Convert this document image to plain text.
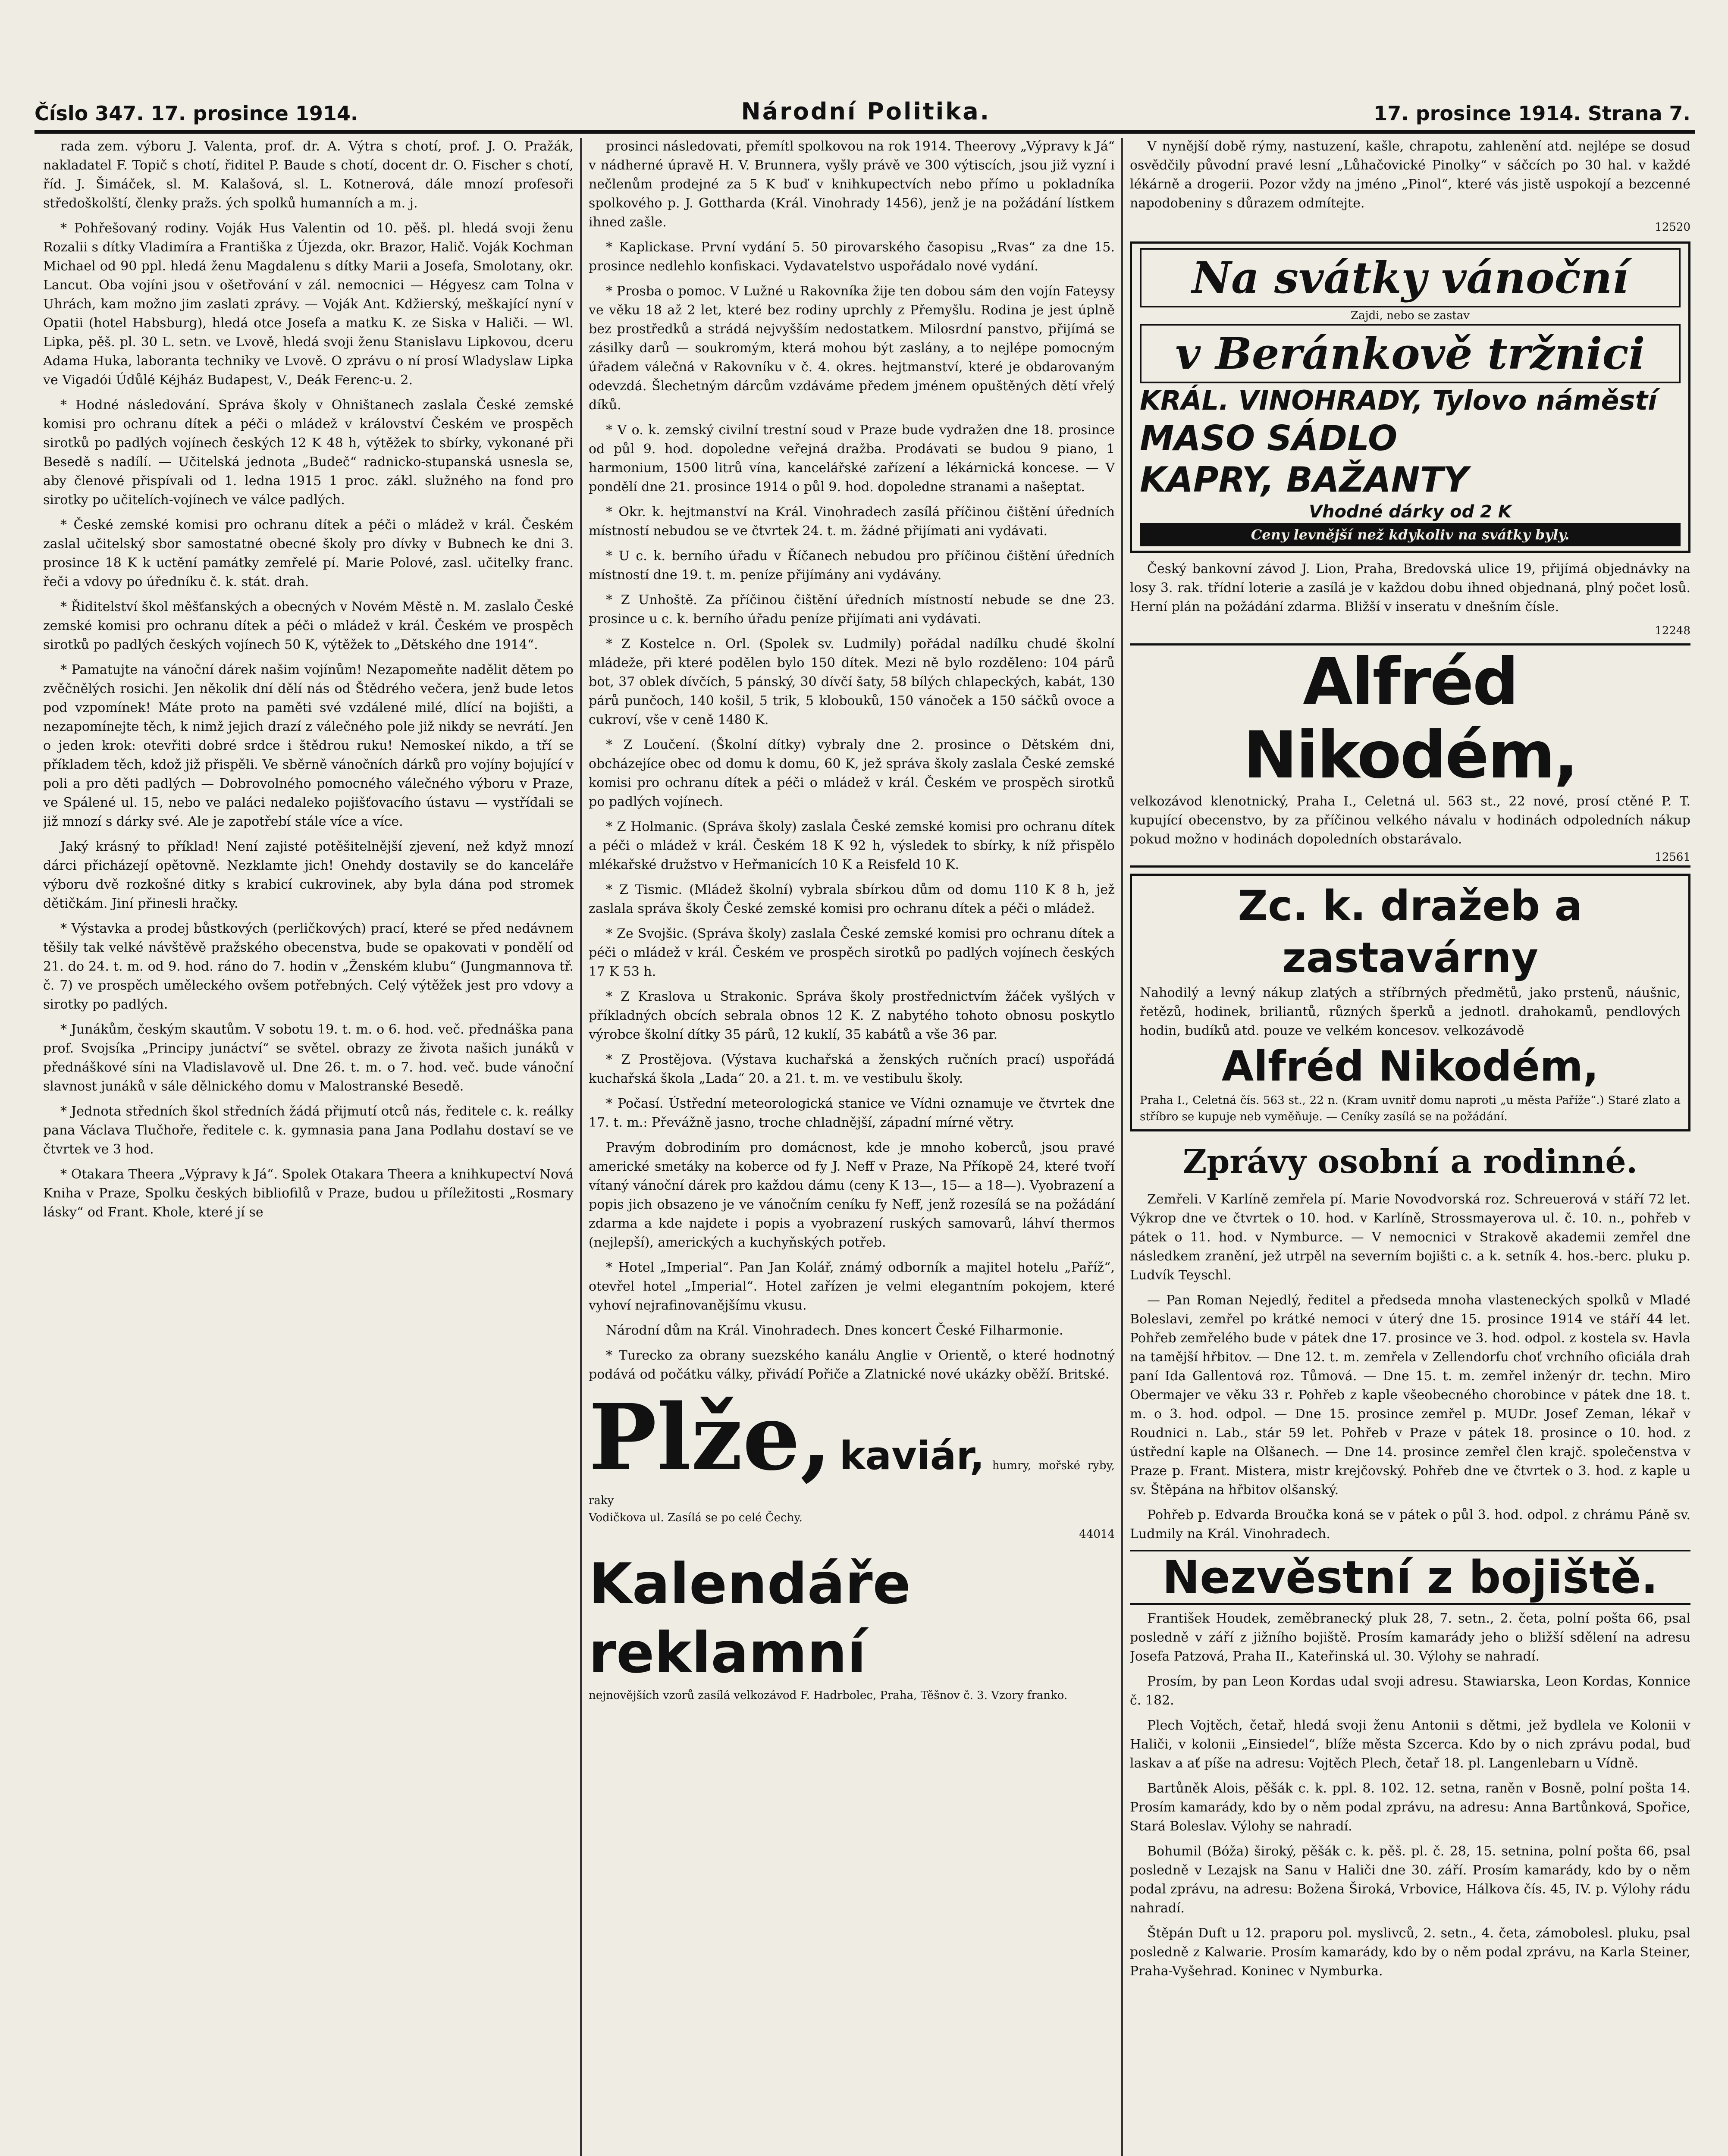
Číslo 347. 17. prosince 1914.	Národní Politika.	17. prosince 1914. Strana 7.

rada zem. výboru J. Valenta, prof. dr. A. Výtra s chotí, prof. J. O. Pražák, nakladatel F. Topič s chotí, řiditel P. Baude s chotí, docent dr. O. Fischer s chotí, říd. J. Šimáček, sl. M. Kalašová, sl. L. Kotnerová, dále mnozí profesoři středoškolští, členky pražs. ých spolků humanních a m. j.

* Pohřešovaný rodiny. Voják Hus Valentin od 10. pěš. pl. hledá svoji ženu Rozalii s dítky Vladimíra a Františka z Újezda, okr. Brazor, Halič. Voják Kochman Michael od 90 ppl. hledá ženu Magdalenu s dítky Marii a Josefa, Smolotany, okr. Lancut. Oba vojíni jsou v ošetřování v zál. nemocnici — Hégyesz cam Tolna v Uhrách, kam možno jim zaslati zprávy. — Voják Ant. Kdžierský, meškající nyní v Opatii (hotel Habsburg), hledá otce Josefa a matku K. ze Siska v Haliči. — Wl. Lipka, pěš. pl. 30 L. setn. ve Lvově, hledá svoji ženu Stanislavu Lipkovou, dceru Adama Huka, laboranta techniky ve Lvově. O zprávu o ní prosí Wladyslaw Lipka ve Vigadói Údůlé Kéjház Budapest, V., Deák Ferenc-u. 2.

* Hodné následování. Správa školy v Ohništanech zaslala České zemské komisi pro ochranu dítek a péči o mládež v království Českém ve prospěch sirotků po padlých vojínech českých 12 K 48 h, výtěžek to sbírky, vykonané při Besedě s nadílí. — Učitelská jednota „Budeč“ radnicko-stupanská usnesla se, aby členové přispívali od 1. ledna 1915 1 proc. zákl. služného na fond pro sirotky po učitelích-vojínech ve válce padlých.

* České zemské komisi pro ochranu dítek a péči o mládež v král. Českém zaslal učitelský sbor samostatné obecné školy pro dívky v Bubnech ke dni 3. prosince 18 K k uctění památky zemřelé pí. Marie Polové, zasl. učitelky franc. řeči a vdovy po úředníku č. k. stát. drah.

* Řiditelství škol měšťanských a obecných v Novém Městě n. M. zaslalo České zemské komisi pro ochranu dítek a péči o mládež v král. Českém ve prospěch sirotků po padlých českých vojínech 50 K, výtěžek to „Dětského dne 1914“.

* Pamatujte na vánoční dárek našim vojínům! Nezapomeňte nadělit dětem po zvěčnělých rosichi. Jen několik dní dělí nás od Štědrého večera, jenž bude letos pod vzpomínek! Máte proto na paměti své vzdálené milé, dlící na bojišti, a nezapomínejte těch, k nimž jejich drazí z válečného pole již nikdy se nevrátí. Jen o jeden krok: otevřiti dobré srdce i štědrou ruku! Nemoskeí nikdo, a tří se příkladem těch, kdož již přispěli. Ve sběrně vánočních dárků pro vojíny bojující v poli a pro děti padlých — Dobrovolného pomocného válečného výboru v Praze, ve Spálené ul. 15, nebo ve paláci nedaleko pojišťovacího ústavu — vystřídali se již mnozí s dárky své. Ale je zapotřebí stále více a více.

Jaký krásný to příklad! Není zajisté potěšitelnější zjevení, než když mnozí dárci přicházejí opětovně. Nezklamte jich! Onehdy dostavily se do kanceláře výboru dvě rozkošné ditky s krabicí cukrovinek, aby byla dána pod stromek dětičkám. Jiní přinesli hračky.

* Výstavka a prodej bůstkových (perličkových) prací, které se před nedávnem těšily tak velké návštěvě pražského obecenstva, bude se opakovati v pondělí od 21. do 24. t. m. od 9. hod. ráno do 7. hodin v „Ženském klubu“ (Jungmannova tř. č. 7) ve prospěch uměleckého ovšem potřebných. Celý výtěžek jest pro vdovy a sirotky po padlých.

* Junákům, českým skautům. V sobotu 19. t. m. o 6. hod. več. přednáška pana prof. Svojsíka „Principy junáctví“ se světel. obrazy ze života našich junáků v přednáškové síni na Vladislavově ul. Dne 26. t. m. o 7. hod. več. bude vánoční slavnost junáků v sále dělnického domu v Malostranské Besedě.

* Jednota středních škol středních žádá přijmutí otců nás, ředitele c. k. reálky pana Václava Tlučhoře, ředitele c. k. gymnasia pana Jana Podlahu dostaví se ve čtvrtek ve 3 hod.

* Otakara Theera „Výpravy k Já“. Spolek Otakara Theera a knihkupectví Nová Kniha v Praze, Spolku českých bibliofilů v Praze, budou u příležitosti „Rosmary lásky“ od Frant. Khole, které jí se

prosinci následovati, přemítl spolkovou na rok 1914. Theerovy „Výpravy k Já“ v nádherné úpravě H. V. Brunnera, vyšly právě ve 300 výtiscích, jsou již vyzní i nečlenům prodejné za 5 K buď v knihkupectvích nebo přímo u pokladníka spolkového p. J. Gottharda (Král. Vinohrady 1456), jenž je na požádání lístkem ihned zašle.

* Kaplickase. První vydání 5. 50 pirovarského časopisu „Rvas“ za dne 15. prosince nedlehlo konfiskaci. Vydavatelstvo uspořádalo nové vydání.

* Prosba o pomoc. V Lužné u Rakovníka žije ten dobou sám den vojín Fateysy ve věku 18 až 2 let, které bez rodiny uprchly z Přemyšlu. Rodina je jest úplně bez prostředků a strádá nejvyšším nedostatkem. Milosrdní panstvo, přijímá se zásilky darů — soukromým, která mohou být zaslány, a to nejlépe pomocným úřadem válečná v Rakovníku v č. 4. okres. hejtmanství, které je obdarovaným odevzdá. Šlechetným dárcům vzdáváme předem jménem opuštěných dětí vřelý díků.

* V o. k. zemský civilní trestní soud v Praze bude vydražen dne 18. prosince od půl 9. hod. dopoledne veřejná dražba. Prodávati se budou 9 piano, 1 harmonium, 1500 litrů vína, kancelářské zařízení a lékárnická koncese. — V pondělí dne 21. prosince 1914 o půl 9. hod. dopoledne stranami a našeptat.

* Okr. k. hejtmanství na Král. Vinohradech zasílá příčinou čištění úředních místností nebudou se ve čtvrtek 24. t. m. žádné přijímati ani vydávati.

* U c. k. berního úřadu v Říčanech nebudou pro příčinou čištění úředních místností dne 19. t. m. peníze přijímány ani vydávány.

* Z Unhoště. Za příčinou čištění úředních místností nebude se dne 23. prosince u c. k. berního úřadu peníze přijímati ani vydávati.

* Z Kostelce n. Orl. (Spolek sv. Ludmily) pořádal nadílku chudé školní mládeže, při které podělen bylo 150 dítek. Mezi ně bylo rozděleno: 104 párů bot, 37 oblek dívčích, 5 pánský, 30 dívčí šaty, 58 bílých chlapeckých, kabát, 130 párů punčoch, 140 košil, 5 trik, 5 klobouků, 150 vánoček a 150 sáčků ovoce a cukroví, vše v ceně 1480 K.

* Z Loučení. (Školní dítky) vybraly dne 2. prosince o Dětském dni, obcházejíce obec od domu k domu, 60 K, jež správa školy zaslala České zemské komisi pro ochranu dítek a péči o mládež v král. Českém ve prospěch sirotků po padlých vojínech.

* Z Holmanic. (Správa školy) zaslala České zemské komisi pro ochranu dítek a péči o mládež v král. Českém 18 K 92 h, výsledek to sbírky, k níž přispělo mlékařské družstvo v Heřmanicích 10 K a Reisfeld 10 K.

* Z Tismic. (Mládež školní) vybrala sbírkou dům od domu 110 K 8 h, jež zaslala správa školy České zemské komisi pro ochranu dítek a péči o mládež.

* Ze Svojšic. (Správa školy) zaslala České zemské komisi pro ochranu dítek a péči o mládež v král. Českém ve prospěch sirotků po padlých vojínech českých 17 K 53 h.

* Z Kraslova u Strakonic. Správa školy prostřednictvím žáček vyšlých v příkladných obcích sebrala obnos 12 K. Z nabytého tohoto obnosu poskytlo výrobce školní dítky 35 párů, 12 kuklí, 35 kabátů a vše 36 par.

* Z Prostějova. (Výstava kuchařská a ženských ručních prací) uspořádá kuchařská škola „Lada“ 20. a 21. t. m. ve vestibulu školy.

* Počasí. Ústřední meteorologická stanice ve Vídni oznamuje ve čtvrtek dne 17. t. m.: Převážně jasno, troche chladnější, západní mírné větry.

Pravým dobrodiním pro domácnost, kde je mnoho koberců, jsou pravé americké smetáky na koberce od fy J. Neff v Praze, Na Příkopě 24, které tvoří vítaný vánoční dárek pro každou dámu (ceny K 13—, 15— a 18—). Vyobrazení a popis jich obsazeno je ve vánočním ceníku fy Neff, jenž rozesílá se na požádání zdarma a kde najdete i popis a vyobrazení ruských samovarů, láhví thermos (nejlepší), amerických a kuchyňských potřeb.

* Hotel „Imperial“. Pan Jan Kolář, známý odborník a majitel hotelu „Paříž“, otevřel hotel „Imperial“. Hotel zařízen je velmi elegantním pokojem, které vyhoví nejrafinovanějšímu vkusu.

Národní dům na Král. Vinohradech. Dnes koncert České Filharmonie.

* Turecko za obrany suezského kanálu Anglie v Orientě, o které hodnotný podává od počátku války, přivádí Pořiče a Zlatnické nové ukázky oběží. Britské.

Plže, kaviár, humry, mořské ryby, raky
Vodičkova ul. Zasílá se po celé Čechy.
44014
Kalendáře reklamní
nejnovějších vzorů zasílá velkozávod F. Hadrbolec, Praha, Těšnov č. 3. Vzory franko.

V nynější době rýmy, nastuzení, kašle, chrapotu, zahlenění atd. nejlépe se dosud osvědčily původní pravé lesní „Lůhačovické Pinolky“ v sáčcích po 30 hal. v každé lékárně a drogerii. Pozor vždy na jméno „Pinol“, které vás jistě uspokojí a bezcenné napodobeniny s důrazem odmítejte.

12520
Na svátky vánoční
Zajdi, nebo se zastav
v Beránkově tržnici
KRÁL. VINOHRADY, Tylovo náměstí
MASO SÁDLO
KAPRY, BAŽANTY
Vhodné dárky od 2 K
Ceny levnější než kdykoliv na svátky byly.

Český bankovní závod J. Lion, Praha, Bredovská ulice 19, přijímá objednávky na losy 3. rak. třídní loterie a zasílá je v každou dobu ihned objednaná, plný počet losů. Herní plán na požádání zdarma. Bližší v inseratu v dnešním čísle.

12248
Alfréd Nikodém,
velkozávod klenotnický, Praha I., Celetná ul. 563 st., 22 nové, prosí ctěné P. T. kupující obecenstvo, by za příčinou velkého návalu v hodinách odpoledních nákup pokud možno v hodinách dopoledních obstarávalo.
12561
Zc. k. dražeb a zastavárny
Nahodilý a levný nákup zlatých a stříbrných předmětů, jako prstenů, náušnic, řetězů, hodinek, briliantů, různých šperků a jednotl. drahokamů, pendlových hodin, budíků atd. pouze ve velkém koncesov. velkozávodě
Alfréd Nikodém,
Praha I., Celetná čís. 563 st., 22 n. (Kram uvnitř domu naproti „u města Paříže“.) Staré zlato a stříbro se kupuje neb vyměňuje. — Ceníky zasílá se na požádání.
Zprávy osobní a rodinné.

Zemřeli. V Karlíně zemřela pí. Marie Novodvorská roz. Schreuerová v stáří 72 let. Výkrop dne ve čtvrtek o 10. hod. v Karlíně, Strossmayerova ul. č. 10. n., pohřeb v pátek o 11. hod. v Nymburce. — V nemocnici v Strakově akademii zemřel dne následkem zranění, jež utrpěl na severním bojišti c. a k. setník 4. hos.-berc. pluku p. Ludvík Teyschl.

— Pan Roman Nejedlý, ředitel a předseda mnoha vlasteneckých spolků v Mladé Boleslavi, zemřel po krátké nemoci v úterý dne 15. prosince 1914 ve stáří 44 let. Pohřeb zemřelého bude v pátek dne 17. prosince ve 3. hod. odpol. z kostela sv. Havla na tamější hřbitov. — Dne 12. t. m. zemřela v Zellendorfu choť vrchního oficiála drah paní Ida Gallentová roz. Tůmová. — Dne 15. t. m. zemřel inženýr dr. techn. Miro Obermajer ve věku 33 r. Pohřeb z kaple všeobecného chorobince v pátek dne 18. t. m. o 3. hod. odpol. — Dne 15. prosince zemřel p. MUDr. Josef Zeman, lékař v Roudnici n. Lab., stár 59 let. Pohřeb v Praze v pátek 18. prosince o 10. hod. z ústřední kaple na Olšanech. — Dne 14. prosince zemřel člen krajč. společenstva v Praze p. Frant. Mistera, mistr krejčovský. Pohřeb dne ve čtvrtek o 3. hod. z kaple u sv. Štěpána na hřbitov olšanský.

Pohřeb p. Edvarda Broučka koná se v pátek o půl 3. hod. odpol. z chrámu Páně sv. Ludmily na Král. Vinohradech.

Nezvěstní z bojiště.

František Houdek, zeměbranecký pluk 28, 7. setn., 2. četa, polní pošta 66, psal posledně v září z jižního bojiště. Prosím kamarády jeho o bližší sdělení na adresu Josefa Patzová, Praha II., Kateřinská ul. 30. Výlohy se nahradí.

Prosím, by pan Leon Kordas udal svoji adresu. Stawiarska, Leon Kordas, Konnice č. 182.

Plech Vojtěch, četař, hledá svoji ženu Antonii s dětmi, jež bydlela ve Kolonii v Haliči, v kolonii „Einsiedel“, blíže města Szcerca. Kdo by o nich zprávu podal, buď laskav a ať píše na adresu: Vojtěch Plech, četař 18. pl. Langenlebarn u Vídně.

Bartůněk Alois, pěšák c. k. ppl. 8. 102. 12. setna, raněn v Bosně, polní pošta 14. Prosím kamarády, kdo by o něm podal zprávu, na adresu: Anna Bartůnková, Spořice, Stará Boleslav. Výlohy se nahradí.

Bohumil (Bóža) široký, pěšák c. k. pěš. pl. č. 28, 15. setnina, polní pošta 66, psal posledně v Lezajsk na Sanu v Haliči dne 30. září. Prosím kamarády, kdo by o něm podal zprávu, na adresu: Božena Široká, Vrbovice, Hálkova čís. 45, IV. p. Výlohy rádu nahradí.

Štěpán Duft u 12. praporu pol. myslivců, 2. setn., 4. četa, zámobolesl. pluku, psal posledně z Kalwarie. Prosím kamarády, kdo by o něm podal zprávu, na Karla Steiner, Praha-Vyšehrad. Koninec v Nymburka.
